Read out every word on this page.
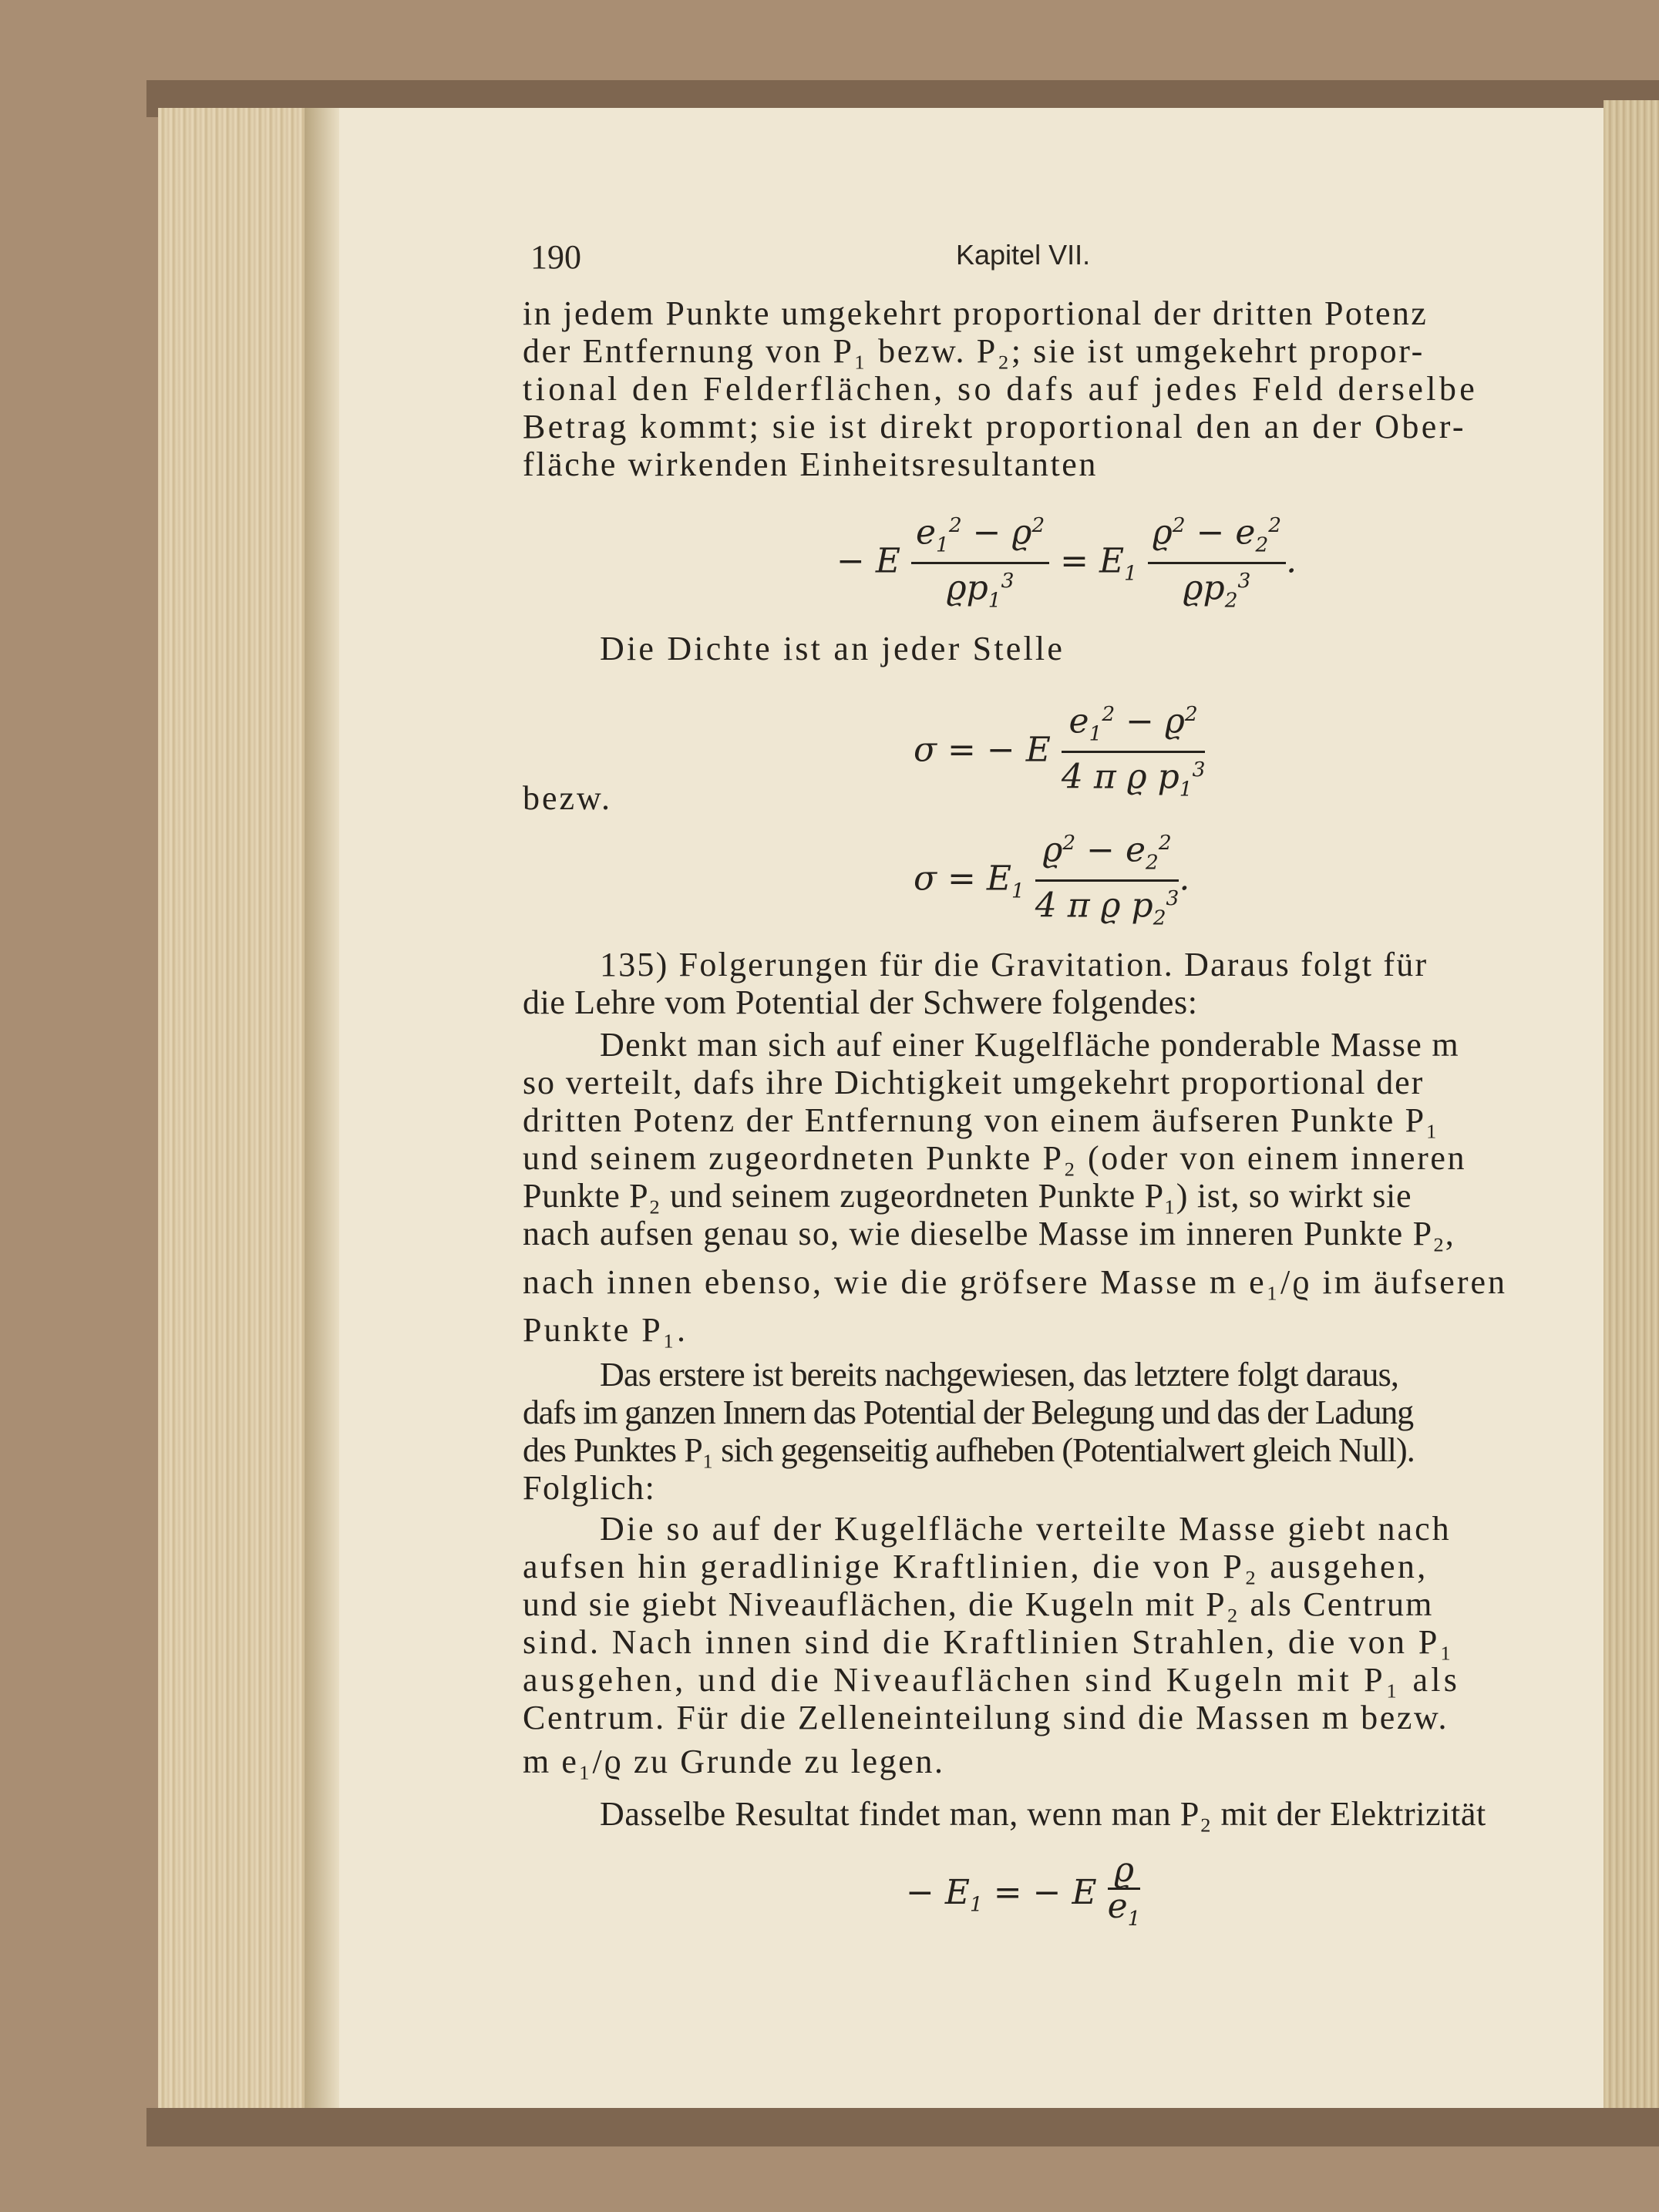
190	Kapitel VII.
in jedem Punkte umgekehrt proportional der dritten Potenz
der Entfernung von P₁ bezw. P₂; sie ist umgekehrt propor-
tional den Felderflächen, so dafs auf jedes Feld derselbe
Betrag kommt; sie ist direkt proportional den an der Ober-
fläche wirkenden Einheitsresultanten
− E $\frac{e_1^2 - ϱ^2}{ϱp_1^3} = E_1 \frac{ϱ^2 - e_2^2}{ϱp_2^3}$ .
Die Dichte ist an jeder Stelle
σ = − E $\frac{e_1^2 - ϱ^2}{4 \pi ϱ p_1^3}$
bezw.
$\sigma = E_1 \frac{ϱ^2 - e_2^2}{4 \pi ϱ p_2^3}$ .
135) Folgerungen für die Gravitation. Daraus folgt für
die Lehre vom Potential der Schwere folgendes:
Denkt man sich auf einer Kugelfläche ponderable Masse m
so verteilt, dafs ihre Dichtigkeit umgekehrt proportional der
dritten Potenz der Entfernung von einem äufseren Punkte P₁
und seinem zugeordneten Punkte P₂ (oder von einem inneren
Punkte P₂ und seinem zugeordneten Punkte P₁) ist, so wirkt sie
nach aufsen genau so, wie dieselbe Masse im inneren Punkte P₂,
nach innen ebenso, wie die gröfsere Masse m e₁/ϱ im äufseren
Punkte P₁.
Das erstere ist bereits nachgewiesen, das letztere folgt daraus,
dafs im ganzen Innern das Potential der Belegung und das der Ladung
des Punktes P₁ sich gegenseitig aufheben (Potentialwert gleich Null).
Folglich:
Die so auf der Kugelfläche verteilte Masse giebt nach
aufsen hin geradlinige Kraftlinien, die von P₂ ausgehen,
und sie giebt Niveauflächen, die Kugeln mit P₂ als Centrum
sind. Nach innen sind die Kraftlinien Strahlen, die von P₁
ausgehen, und die Niveauflächen sind Kugeln mit P₁ als
Centrum. Für die Zelleneinteilung sind die Massen m bezw.
m e₁/ϱ zu Grunde zu legen.
Dasselbe Resultat findet man, wenn man P₂ mit der Elektrizität
− $E_1$ = − E $\frac{ϱ}{e_1}$
